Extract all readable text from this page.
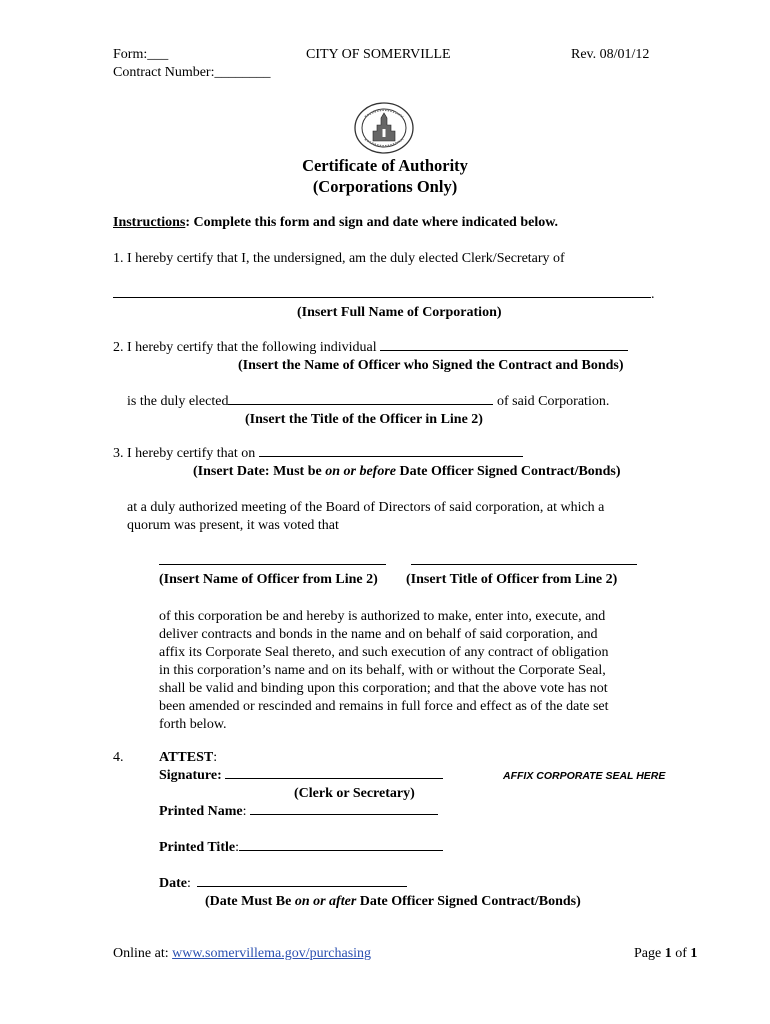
Form:___
Contract Number:________
CITY OF SOMERVILLE	Rev. 08/01/12
Certificate of Authority
(Corporations Only)
Instructions: Complete this form and sign and date where indicated below.
1. I hereby certify that I, the undersigned, am the duly elected Clerk/Secretary of
.
(Insert Full Name of Corporation)
2. I hereby certify that the following individual
(Insert the Name of Officer who Signed the Contract and Bonds)
is the duly elected	of said Corporation.
(Insert the Title of the Officer in Line 2)
3. I hereby certify that on
(Insert Date: Must be on or before Date Officer Signed Contract/Bonds)
at a duly authorized meeting of the Board of Directors of said corporation, at which a
quorum was present, it was voted that
(Insert Name of Officer from Line 2) (Insert Title of Officer from Line 2)
of this corporation be and hereby is authorized to make, enter into, execute, and
deliver contracts and bonds in the name and on behalf of said corporation, and
affix its Corporate Seal thereto, and such execution of any contract of obligation
in this corporation’s name and on its behalf, with or without the Corporate Seal,
shall be valid and binding upon this corporation; and that the above vote has not
been amended or rescinded and remains in full force and effect as of the date set
forth below.
4.	ATTEST:
Signature:	AFFIX CORPORATE SEAL HERE
(Clerk or Secretary)
Printed Name:
Printed Title:
Date:
(Date Must Be on or after Date Officer Signed Contract/Bonds)
Online at: www.somervillema.gov/purchasing	Page 1 of 1
